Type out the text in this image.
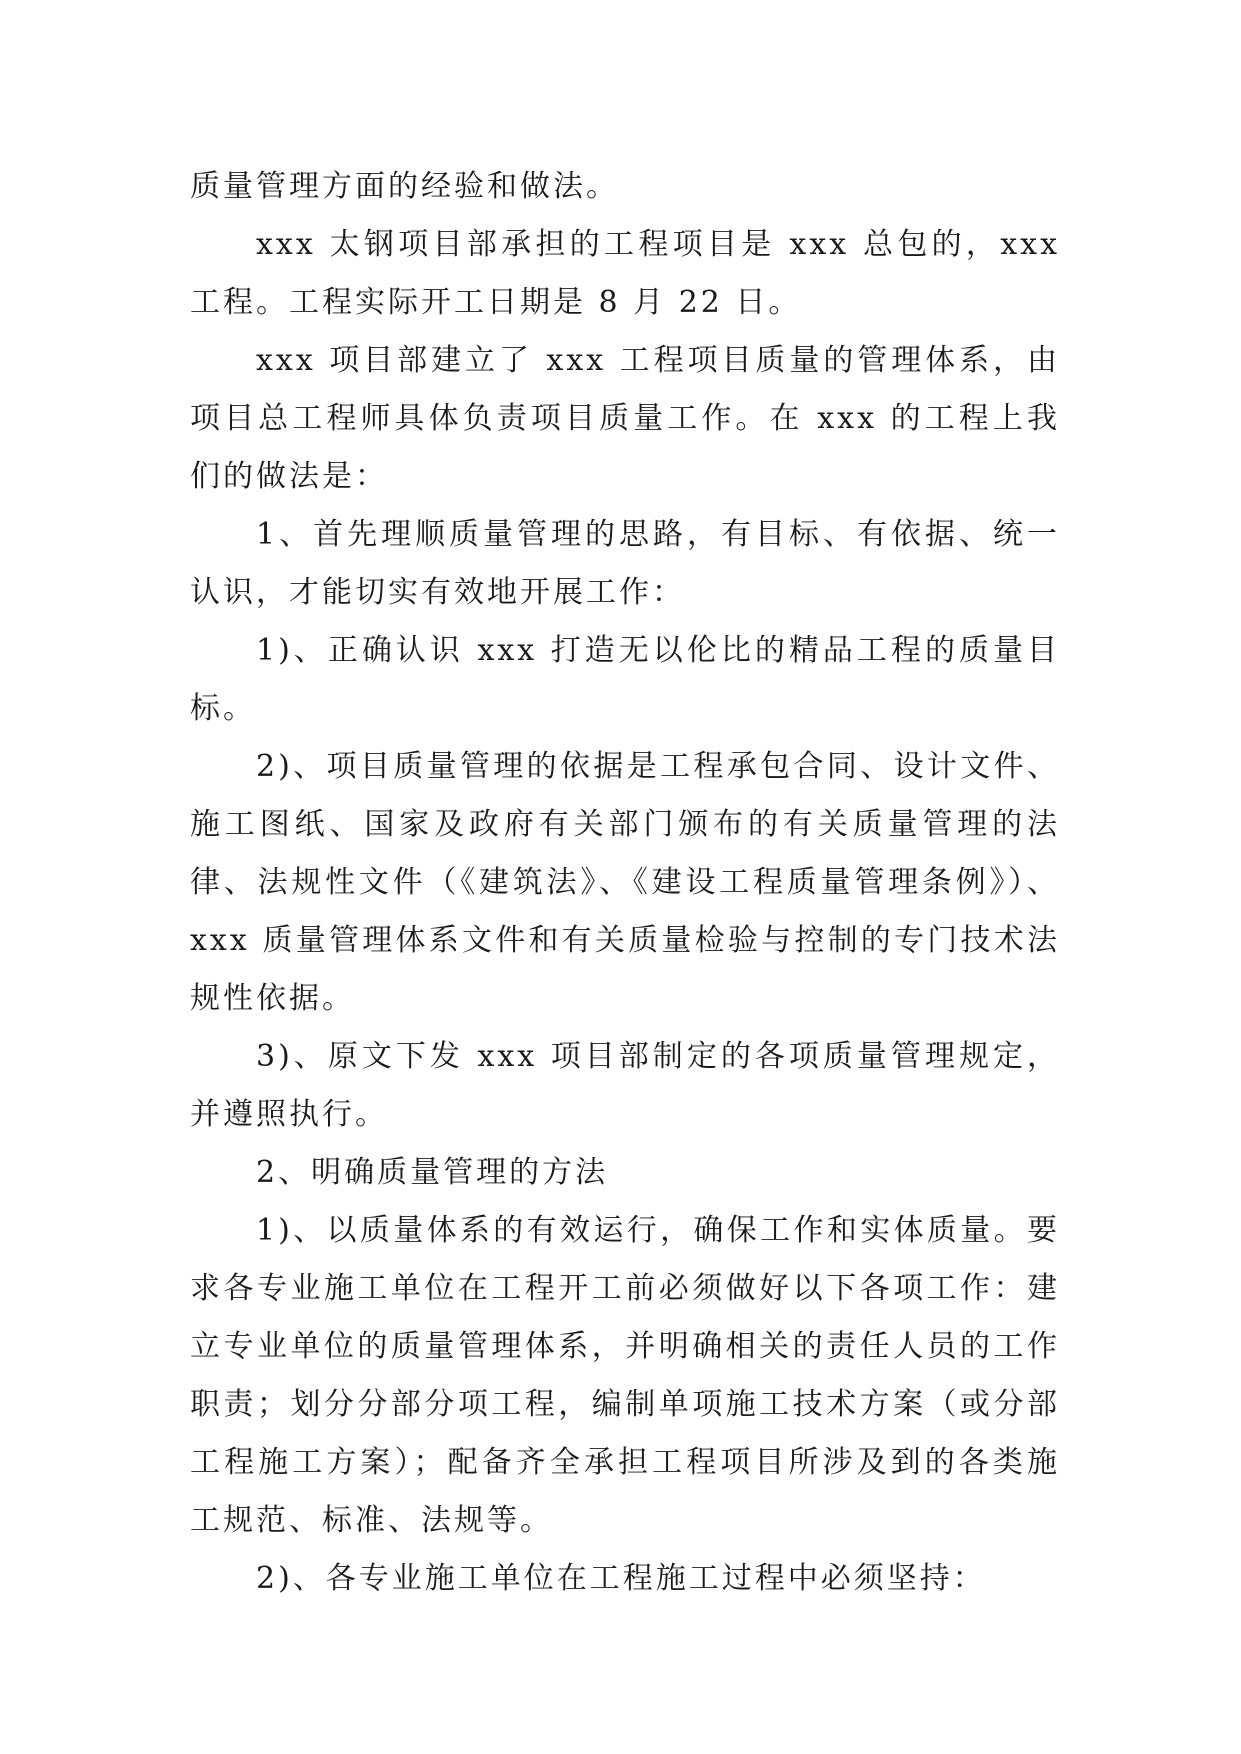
质量管理方面的经验和做法。

xxx 太钢项目部承担的工程项目是 xxx 总包的，xxx 工程。工程实际开工日期是 8 月 22 日。

xxx 项目部建立了 xxx 工程项目质量的管理体系，由项目总工程师具体负责项目质量工作。在 xxx 的工程上我们的做法是：

1、首先理顺质量管理的思路，有目标、有依据、统一认识，才能切实有效地开展工作：

1)、正确认识 xxx 打造无以伦比的精品工程的质量目标。

2)、项目质量管理的依据是工程承包合同、设计文件、施工图纸、国家及政府有关部门颁布的有关质量管理的法律、法规性文件（《建筑法》、《建设工程质量管理条例》）、xxx 质量管理体系文件和有关质量检验与控制的专门技术法规性依据。

3)、原文下发 xxx 项目部制定的各项质量管理规定，并遵照执行。

2、明确质量管理的方法

1)、以质量体系的有效运行，确保工作和实体质量。要求各专业施工单位在工程开工前必须做好以下各项工作：建立专业单位的质量管理体系，并明确相关的责任人员的工作职责；划分分部分项工程，编制单项施工技术方案（或分部工程施工方案）；配备齐全承担工程项目所涉及到的各类施工规范、标准、法规等。

2)、各专业施工单位在工程施工过程中必须坚持：
